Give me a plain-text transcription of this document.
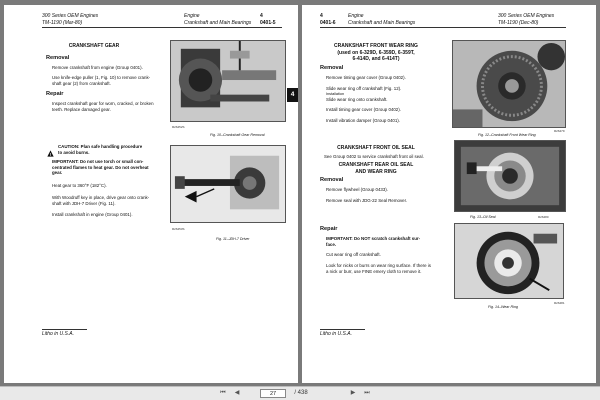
300 Series OEM Engines
TM-1190 (Mar-80)
Engine
Crankshaft and Main Bearings
4
0401-5
CRANKSHAFT GEAR
Removal
Remove crankshaft from engine (Group 0401).
Use knife-edge puller (1, Fig. 10) to remove crank-
shaft gear (2) from crankshaft.
Repair
Inspect crankshaft gear for worn, cracked, or broken
teeth. Replace damaged gear.
!
CAUTION: Plan safe handling procedure
to avoid burns.
IMPORTANT: Do not use torch or small con-
centrated flames to heat gear. Do not overheat
gear.
Heat gear to 360°F (182°C).
With Woodruff key in place, drive gear onto crank-
shaft with JDH-7 Driver (Fig. 11).
Install crankshaft in engine (Group 0401).
R26452S
Fig. 10–Crankshaft Gear Removal
R26453S
Fig. 11–JDH-7 Driver
Litho in U.S.A.
4
4
0401-6
Engine
Crankshaft and Main Bearings
300 Series OEM Engines
TM-1190 (Dec-80)
CRANKSHAFT FRONT WEAR RING
(used on 6-329D, 6-359D, 6-359T,
6-414D, and 6-414T)
Removal
Remove timing gear cover (Group 0402).
Slide wear ring off crankshaft (Fig. 12).
Installation
Slide wear ring onto crankshaft.
Install timing gear cover (Group 0402).
Install vibration damper (Group 0401).
R26479
Fig. 12–Crankshaft Front Wear Ring
CRANKSHAFT FRONT OIL SEAL
See Group 0402 to service crankshaft front oil seal.
CRANKSHAFT REAR OIL SEAL
AND WEAR RING
Removal
Remove flywheel (Group 0433).
Remove seal with JDG-22 Seal Remover.
Fig. 13–Oil Seal	R26480
Repair
IMPORTANT: Do NOT scratch crankshaft sur-
face.
Cut wear ring off crankshaft.
Look for nicks or burrs on wear ring surface. If there is
a nick or burr, use FINE emery cloth to remove it.
R26481
Fig. 14–Wear Ring
Litho in U.S.A.
⏮	◀
27	/ 438	▶	⏭
